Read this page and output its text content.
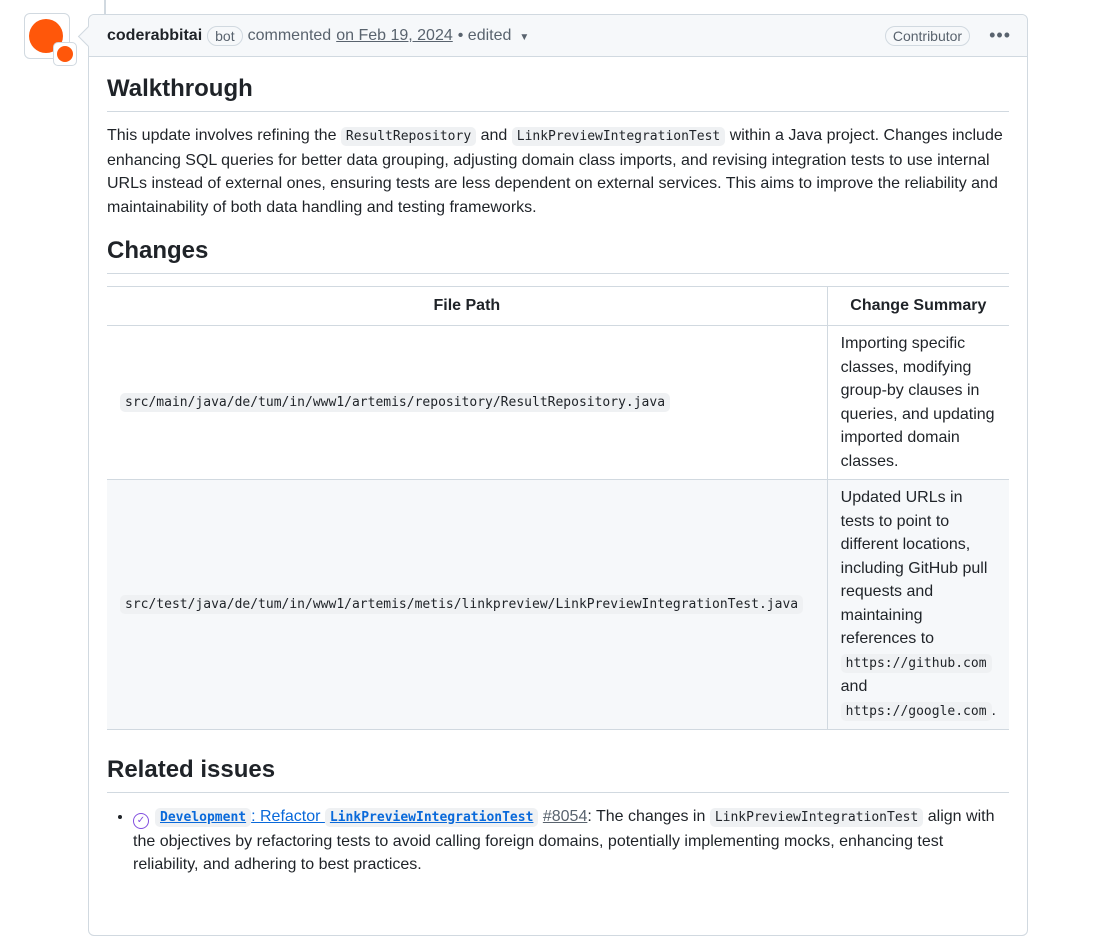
coderabbitai bot commented on Feb 19, 2024 • edited ▼	Contributor	•••
Walkthrough

This update involves refining the ResultRepository and LinkPreviewIntegrationTest within a Java project. Changes include enhancing SQL queries for better data grouping, adjusting domain class imports, and revising integration tests to use internal URLs instead of external ones, ensuring tests are less dependent on external services. This aims to improve the reliability and maintainability of both data handling and testing frameworks.

Changes
File Path	Change Summary
src/main/java/de/tum/in/www1/artemis/repository/ResultRepository.java	Importing specific classes, modifying group-by clauses in queries, and updating imported domain classes.
src/test/java/de/tum/in/www1/artemis/metis/linkpreview/LinkPreviewIntegrationTest.java	Updated URLs in tests to point to different locations, including GitHub pull requests and maintaining references to https://github.com and https://google.com .
Related issues
• ✓ Development : Refactor LinkPreviewIntegrationTest #8054: The changes in LinkPreviewIntegrationTest align with the objectives by refactoring tests to avoid calling foreign domains, potentially implementing mocks, enhancing test reliability, and adhering to best practices.
